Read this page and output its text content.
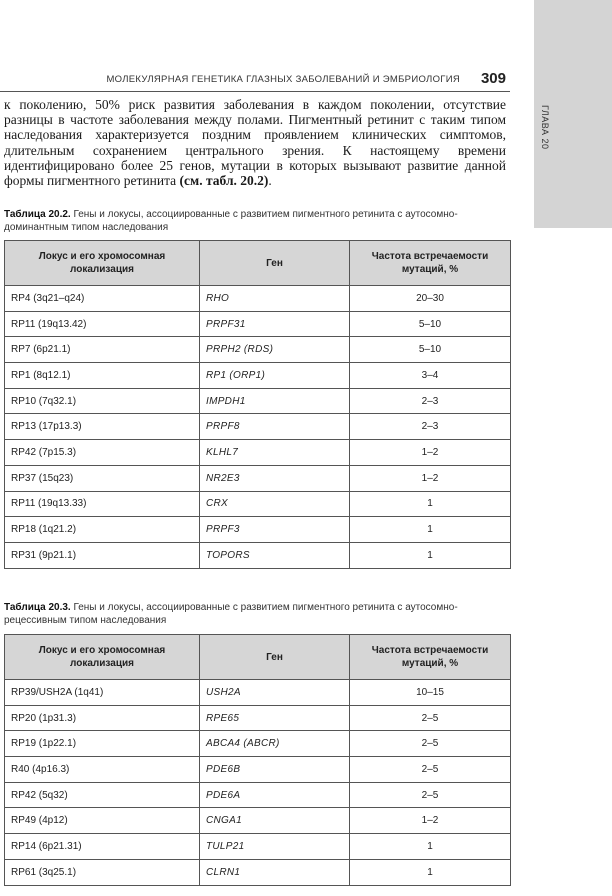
ГЛАВА 20
МОЛЕКУЛЯРНАЯ ГЕНЕТИКА ГЛАЗНЫХ ЗАБОЛЕВАНИЙ И ЭМБРИОЛОГИЯ 309

к поколению, 50% риск развития заболевания в каждом поколении, отсутствие разницы в частоте заболевания между полами. Пигментный ретинит с таким типом наследования характеризуется поздним проявлением клинических симптомов, длительным сохранением центрального зрения. К настоящему времени идентифицировано более 25 генов, мутации в которых вызывают развитие данной формы пигментного ретинита (см. табл. 20.2).

Таблица 20.2. Гены и локусы, ассоциированные с развитием пигментного ретинита с аутосомно-доминантным типом наследования

Локус и его хромосомная локализация	Ген	Частота встречаемости мутаций, %
RP4 (3q21–q24)	RHO	20–30
RP11 (19q13.42)	PRPF31	5–10
RP7 (6p21.1)	PRPH2 (RDS)	5–10
RP1 (8q12.1)	RP1 (ORP1)	3–4
RP10 (7q32.1)	IMPDH1	2–3
RP13 (17p13.3)	PRPF8	2–3
RP42 (7p15.3)	KLHL7	1–2
RP37 (15q23)	NR2E3	1–2
RP11 (19q13.33)	CRX	1
RP18 (1q21.2)	PRPF3	1
RP31 (9p21.1)	TOPORS	1

Таблица 20.3. Гены и локусы, ассоциированные с развитием пигментного ретинита с аутосомно-рецессивным типом наследования

Локус и его хромосомная локализация	Ген	Частота встречаемости мутаций, %
RP39/USH2A (1q41)	USH2A	10–15
RP20 (1p31.3)	RPE65	2–5
RP19 (1p22.1)	ABCA4 (ABCR)	2–5
R40 (4p16.3)	PDE6B	2–5
RP42 (5q32)	PDE6A	2–5
RP49 (4p12)	CNGA1	1–2
RP14 (6p21.31)	TULP21	1
RP61 (3q25.1)	CLRN1	1
